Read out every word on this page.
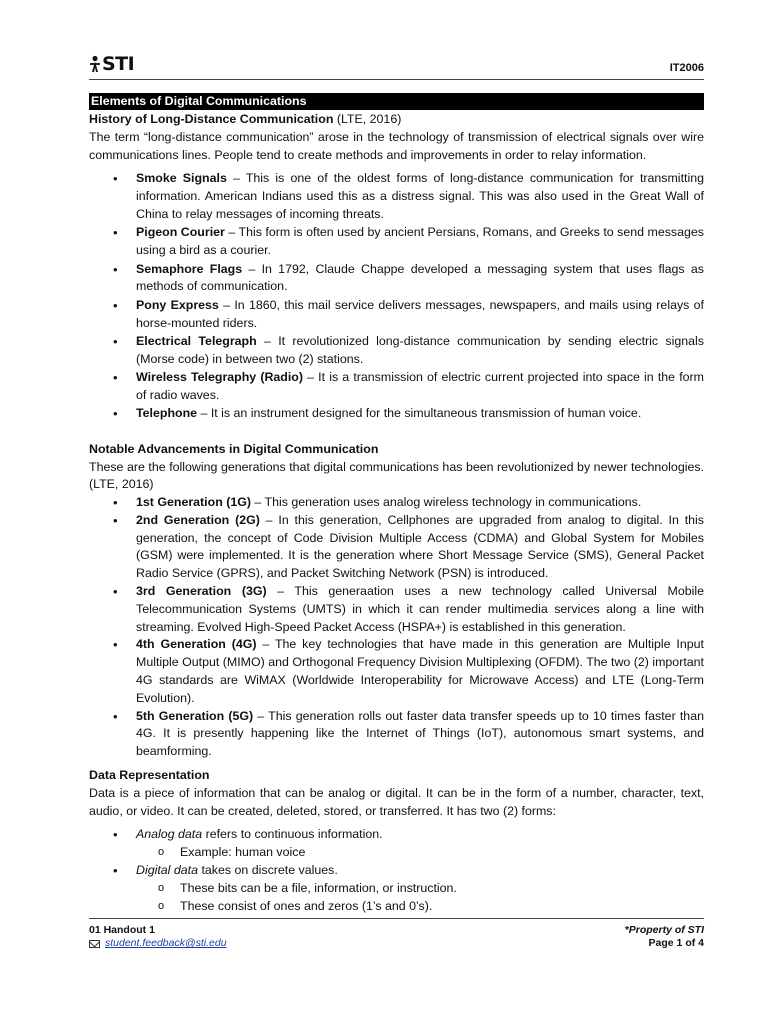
STI	IT2006
Elements of Digital Communications

History of Long-Distance Communication (LTE, 2016)

The term “long-distance communication” arose in the technology of transmission of electrical signals over wire communications lines. People tend to create methods and improvements in order to relay information.

• Smoke Signals – This is one of the oldest forms of long-distance communication for transmitting information. American Indians used this as a distress signal. This was also used in the Great Wall of China to relay messages of incoming threats.
• Pigeon Courier – This form is often used by ancient Persians, Romans, and Greeks to send messages using a bird as a courier.
• Semaphore Flags – In 1792, Claude Chappe developed a messaging system that uses flags as methods of communication.
• Pony Express – In 1860, this mail service delivers messages, newspapers, and mails using relays of horse-mounted riders.
• Electrical Telegraph – It revolutionized long-distance communication by sending electric signals (Morse code) in between two (2) stations.
• Wireless Telegraphy (Radio) – It is a transmission of electric current projected into space in the form of radio waves.
• Telephone – It is an instrument designed for the simultaneous transmission of human voice.

Notable Advancements in Digital Communication

These are the following generations that digital communications has been revolutionized by newer technologies. (LTE, 2016)

• 1st Generation (1G) – This generation uses analog wireless technology in communications.
• 2nd Generation (2G) – In this generation, Cellphones are upgraded from analog to digital. In this generation, the concept of Code Division Multiple Access (CDMA) and Global System for Mobiles (GSM) were implemented. It is the generation where Short Message Service (SMS), General Packet Radio Service (GPRS), and Packet Switching Network (PSN) is introduced.
• 3rd Generation (3G) – This generaation uses a new technology called Universal Mobile Telecommunication Systems (UMTS) in which it can render multimedia services along a line with streaming. Evolved High-Speed Packet Access (HSPA+) is established in this generation.
• 4th Generation (4G) – The key technologies that have made in this generation are Multiple Input Multiple Output (MIMO) and Orthogonal Frequency Division Multiplexing (OFDM). The two (2) important 4G standards are WiMAX (Worldwide Interoperability for Microwave Access) and LTE (Long-Term Evolution).
• 5th Generation (5G) – This generation rolls out faster data transfer speeds up to 10 times faster than 4G. It is presently happening like the Internet of Things (IoT), autonomous smart systems, and beamforming.

Data Representation

Data is a piece of information that can be analog or digital. It can be in the form of a number, character, text, audio, or video. It can be created, deleted, stored, or transferred. It has two (2) forms:

• Analog data refers to continuous information.
o Example: human voice
• Digital data takes on discrete values.
o These bits can be a file, information, or instruction.
o These consist of ones and zeros (1’s and 0’s).
01 Handout 1
student.feedback@sti.edu
*Property of STI
Page 1 of 4
